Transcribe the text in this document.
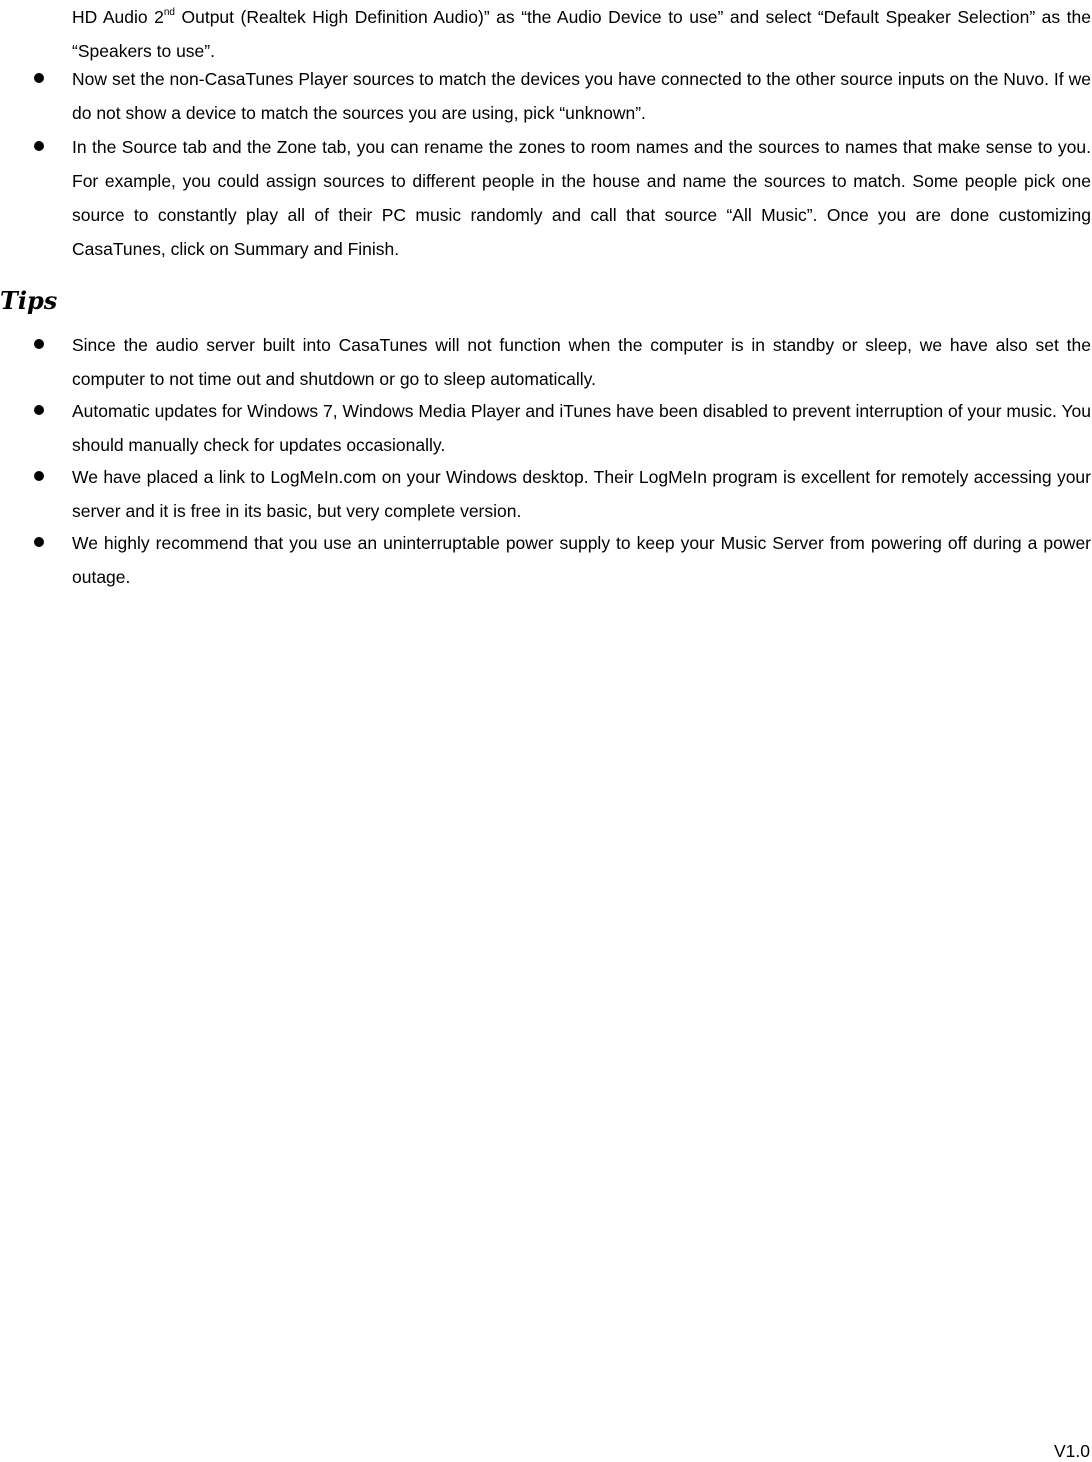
HD Audio 2nd Output (Realtek High Definition Audio)” as “the Audio Device to use” and select “Default Speaker Selection” as the “Speakers to use”.
Now set the non-CasaTunes Player sources to match the devices you have connected to the other source inputs on the Nuvo. If we do not show a device to match the sources you are using, pick “unknown”.
In the Source tab and the Zone tab, you can rename the zones to room names and the sources to names that make sense to you. For example, you could assign sources to different people in the house and name the sources to match. Some people pick one source to constantly play all of their PC music randomly and call that source “All Music”. Once you are done customizing CasaTunes, click on Summary and Finish.
Tips
Since the audio server built into CasaTunes will not function when the computer is in standby or sleep, we have also set the computer to not time out and shutdown or go to sleep automatically.
Automatic updates for Windows 7, Windows Media Player and iTunes have been disabled to prevent interruption of your music. You should manually check for updates occasionally.
We have placed a link to LogMeIn.com on your Windows desktop. Their LogMeIn program is excellent for remotely accessing your server and it is free in its basic, but very complete version.
We highly recommend that you use an uninterruptable power supply to keep your Music Server from powering off during a power outage.
V1.0
